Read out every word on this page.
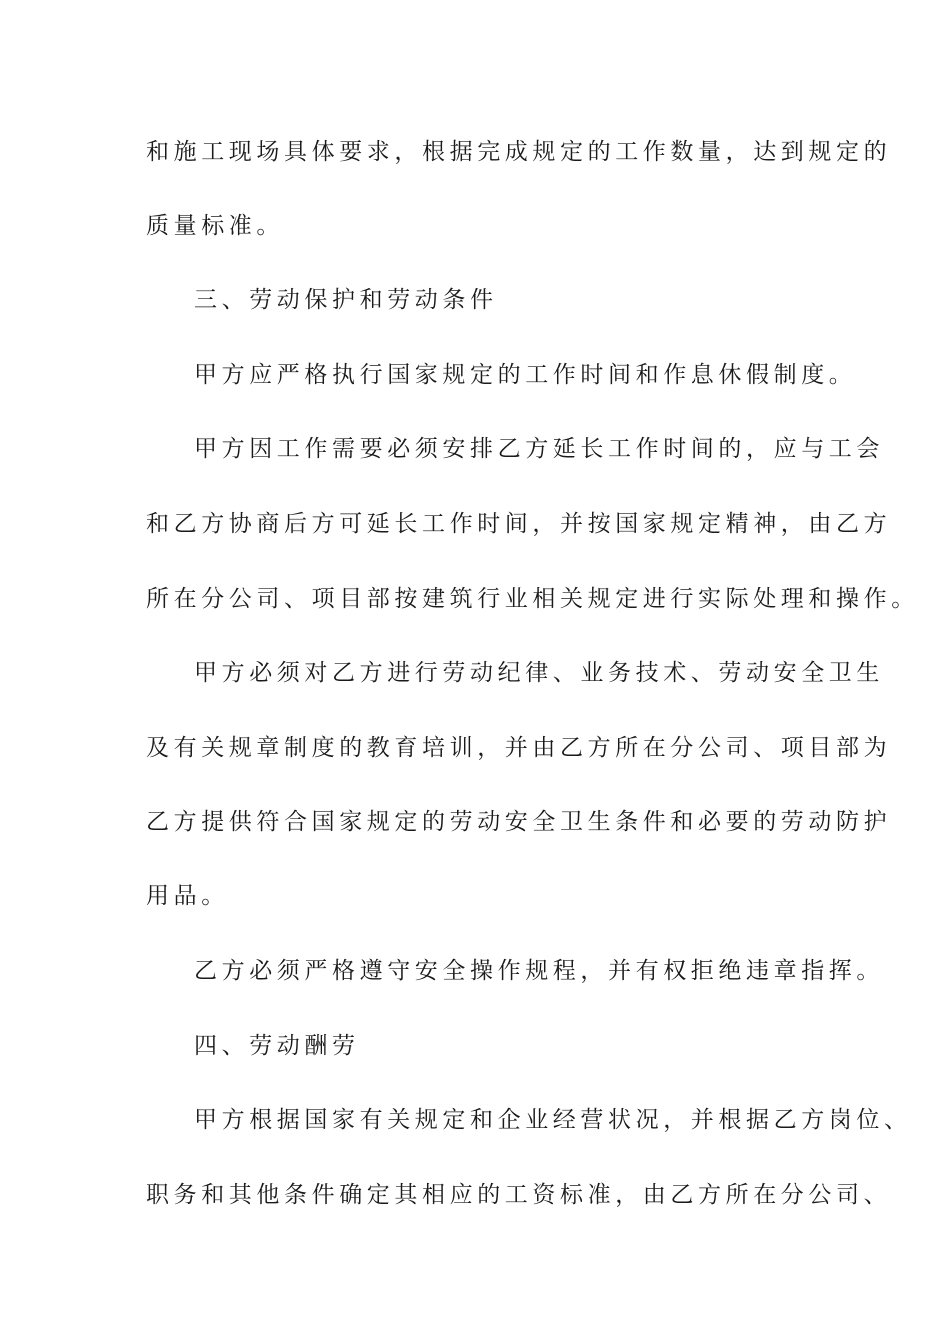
和施工现场具体要求，根据完成规定的工作数量，达到规定的
质量标准。
三、劳动保护和劳动条件
甲方应严格执行国家规定的工作时间和作息休假制度。
甲方因工作需要必须安排乙方延长工作时间的，应与工会
和乙方协商后方可延长工作时间，并按国家规定精神，由乙方
所在分公司、项目部按建筑行业相关规定进行实际处理和操作。
甲方必须对乙方进行劳动纪律、业务技术、劳动安全卫生
及有关规章制度的教育培训，并由乙方所在分公司、项目部为
乙方提供符合国家规定的劳动安全卫生条件和必要的劳动防护
用品。
乙方必须严格遵守安全操作规程，并有权拒绝违章指挥。
四、劳动酬劳
甲方根据国家有关规定和企业经营状况，并根据乙方岗位、
职务和其他条件确定其相应的工资标准，由乙方所在分公司、
